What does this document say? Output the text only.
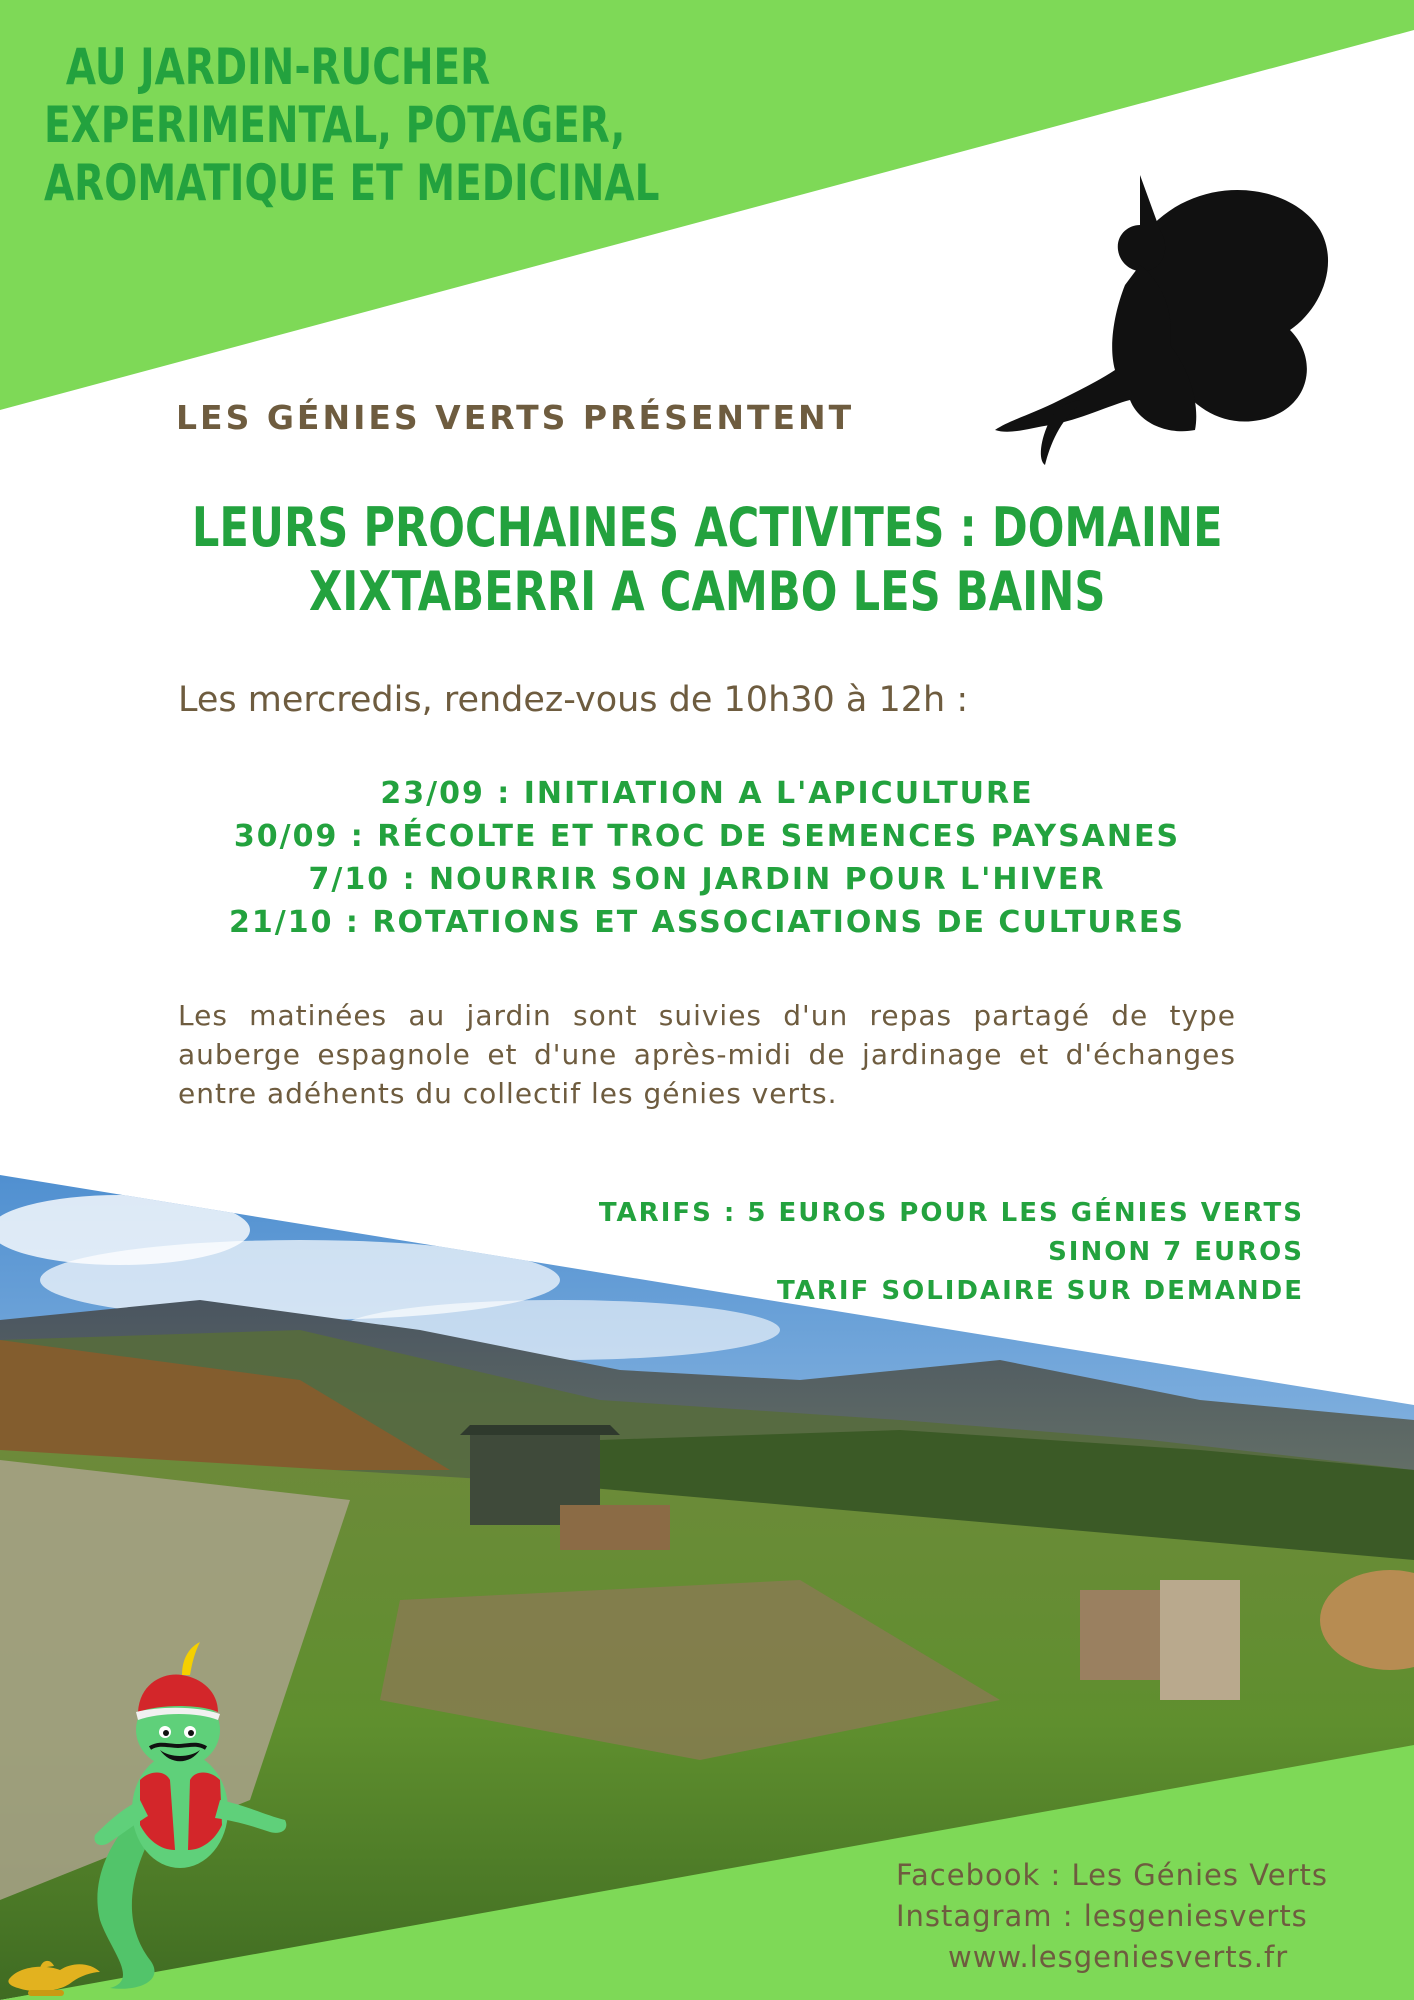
AU JARDIN-RUCHER
EXPERIMENTAL, POTAGER,
AROMATIQUE ET MEDICINAL
LES GÉNIES VERTS PRÉSENTENT
LEURS PROCHAINES ACTIVITES : DOMAINE
XIXTABERRI A CAMBO LES BAINS
Les mercredis, rendez-vous de 10h30 à 12h :
23/09 : INITIATION A L'APICULTURE
30/09 : RÉCOLTE ET TROC DE SEMENCES PAYSANES
7/10 : NOURRIR SON JARDIN POUR L'HIVER
21/10 : ROTATIONS ET ASSOCIATIONS DE CULTURES
Les matinées au jardin sont suivies d'un repas partagé de type auberge espagnole et d'une après-midi de jardinage et d'échanges entre adéhents du collectif les génies verts.
TARIFS : 5 EUROS POUR LES GÉNIES VERTS
SINON 7 EUROS
TARIF SOLIDAIRE SUR DEMANDE
Facebook : Les Génies Verts
Instagram : lesgeniesverts
www.lesgeniesverts.fr
